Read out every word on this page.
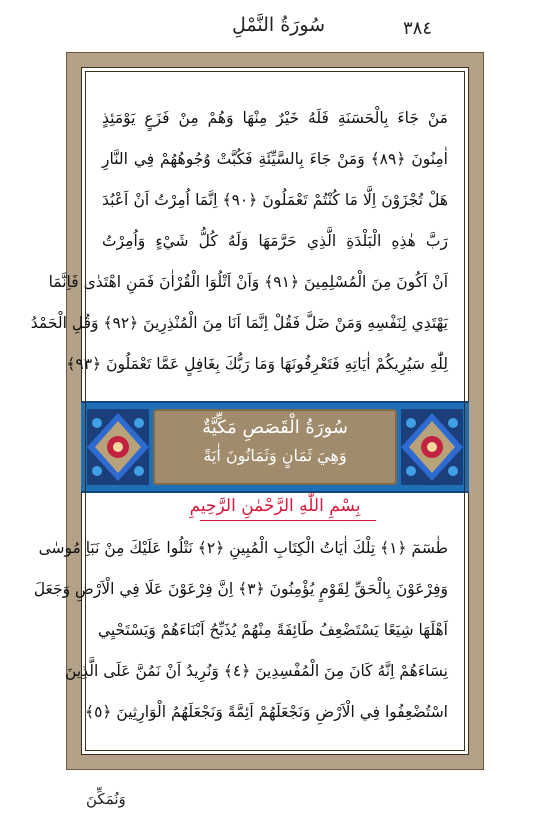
٣٨٤
سُورَةُ النَّمْلِ
مَنْ جَاءَ بِالْحَسَنَةِ فَلَهُ خَيْرٌ مِنْهَا وَهُمْ مِنْ فَزَعٍ يَوْمَئِذٍ
اٰمِنُونَ ﴿٨٩﴾ وَمَنْ جَاءَ بِالسَّيِّئَةِ فَكُبَّتْ وُجُوهُهُمْ فِي النَّارِ
هَلْ تُجْزَوْنَ اِلَّا مَا كُنْتُمْ تَعْمَلُونَ ﴿٩٠﴾ اِنَّمَا اُمِرْتُ اَنْ اَعْبُدَ
رَبَّ هٰذِهِ الْبَلْدَةِ الَّذِي حَرَّمَهَا وَلَهُ كُلُّ شَيْءٍ وَاُمِرْتُ
اَنْ اَكُونَ مِنَ الْمُسْلِمِينَ ﴿٩١﴾ وَاَنْ اَتْلُوَا الْقُرْاٰنَ فَمَنِ اهْتَدٰى فَاِنَّمَا
يَهْتَدِي لِنَفْسِهِ وَمَنْ ضَلَّ فَقُلْ اِنَّمَا اَنَا مِنَ الْمُنْذِرِينَ ﴿٩٢﴾ وَقُلِ الْحَمْدُ
لِلّٰهِ سَيُرِيكُمْ اٰيَاتِهِ فَتَعْرِفُونَهَا وَمَا رَبُّكَ بِغَافِلٍ عَمَّا تَعْمَلُونَ ﴿٩٣﴾
سُورَةُ الْقَصَصِ مَكِّيَّةٌ
وَهِيَ ثَمَانٍ وَثَمَانُونَ اٰيَةً
بِسْمِ اللّٰهِ الرَّحْمٰنِ الرَّحِيمِ
طٰسٓمٓ ﴿١﴾ تِلْكَ اٰيَاتُ الْكِتَابِ الْمُبِينِ ﴿٢﴾ نَتْلُوا عَلَيْكَ مِنْ نَبَاِ مُوسٰى
وَفِرْعَوْنَ بِالْحَقِّ لِقَوْمٍ يُؤْمِنُونَ ﴿٣﴾ اِنَّ فِرْعَوْنَ عَلَا فِي الْاَرْضِ وَجَعَلَ
اَهْلَهَا شِيَعًا يَسْتَضْعِفُ طَائِفَةً مِنْهُمْ يُذَبِّحُ اَبْنَاءَهُمْ وَيَسْتَحْيِي
نِسَاءَهُمْ اِنَّهُ كَانَ مِنَ الْمُفْسِدِينَ ﴿٤﴾ وَنُرِيدُ اَنْ نَمُنَّ عَلَى الَّذِينَ
اسْتُضْعِفُوا فِي الْاَرْضِ وَنَجْعَلَهُمْ اَئِمَّةً وَنَجْعَلَهُمُ الْوَارِثِينَ ﴿٥﴾
وَنُمَكِّنَ
